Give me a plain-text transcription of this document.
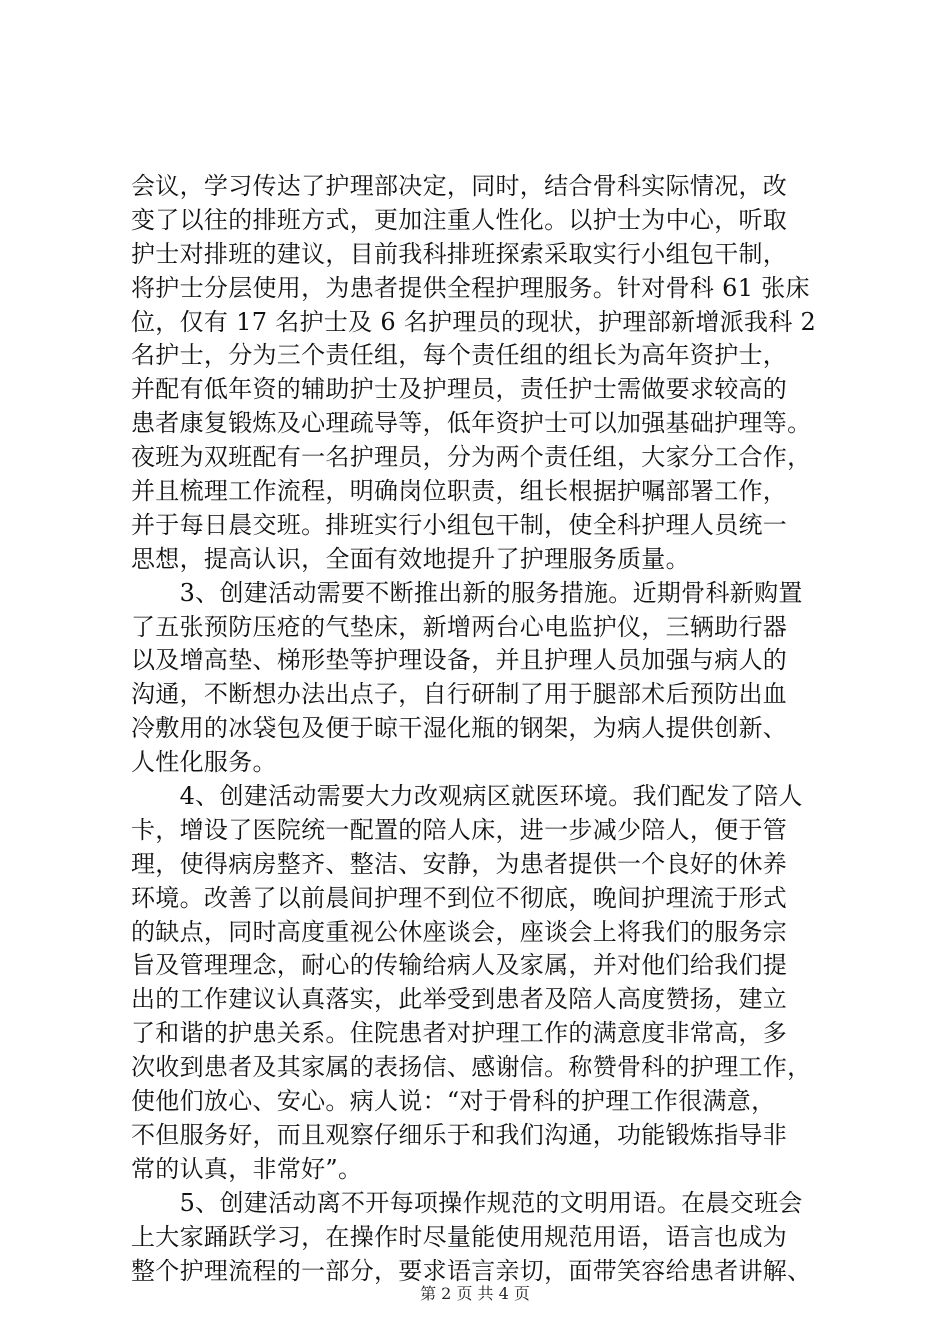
会议，学习传达了护理部决定，同时，结合骨科实际情况，改
变了以往的排班方式，更加注重人性化。以护士为中心，听取
护士对排班的建议，目前我科排班探索采取实行小组包干制，
将护士分层使用，为患者提供全程护理服务。针对骨科 61 张床
位，仅有 17 名护士及 6 名护理员的现状，护理部新增派我科 2
名护士，分为三个责任组，每个责任组的组长为高年资护士，
并配有低年资的辅助护士及护理员，责任护士需做要求较高的
患者康复锻炼及心理疏导等，低年资护士可以加强基础护理等。
夜班为双班配有一名护理员，分为两个责任组，大家分工合作，
并且梳理工作流程，明确岗位职责，组长根据护嘱部署工作，
并于每日晨交班。排班实行小组包干制，使全科护理人员统一
思想，提高认识，全面有效地提升了护理服务质量。
　　3、创建活动需要不断推出新的服务措施。近期骨科新购置
了五张预防压疮的气垫床，新增两台心电监护仪，三辆助行器
以及增高垫、梯形垫等护理设备，并且护理人员加强与病人的
沟通，不断想办法出点子，自行研制了用于腿部术后预防出血
冷敷用的冰袋包及便于晾干湿化瓶的钢架，为病人提供创新、
人性化服务。
　　4、创建活动需要大力改观病区就医环境。我们配发了陪人
卡，增设了医院统一配置的陪人床，进一步减少陪人，便于管
理，使得病房整齐、整洁、安静，为患者提供一个良好的休养
环境。改善了以前晨间护理不到位不彻底，晚间护理流于形式
的缺点，同时高度重视公休座谈会，座谈会上将我们的服务宗
旨及管理理念，耐心的传输给病人及家属，并对他们给我们提
出的工作建议认真落实，此举受到患者及陪人高度赞扬，建立
了和谐的护患关系。住院患者对护理工作的满意度非常高，多
次收到患者及其家属的表扬信、感谢信。称赞骨科的护理工作，
使他们放心、安心。病人说：“对于骨科的护理工作很满意，
不但服务好，而且观察仔细乐于和我们沟通，功能锻炼指导非
常的认真，非常好”。
　　5、创建活动离不开每项操作规范的文明用语。在晨交班会
上大家踊跃学习，在操作时尽量能使用规范用语，语言也成为
整个护理流程的一部分，要求语言亲切，面带笑容给患者讲解、
第 2 页 共 4 页
